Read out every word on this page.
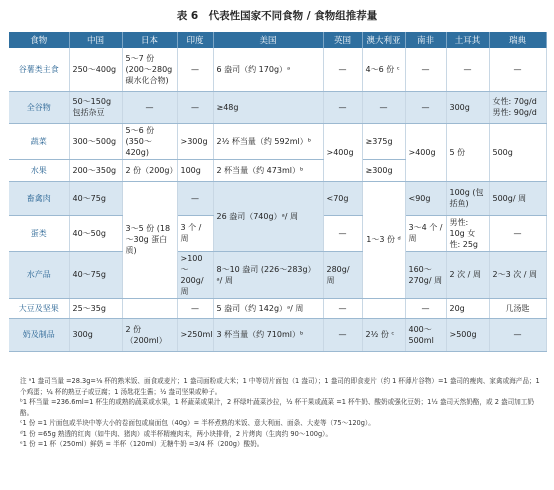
表 6　代表性国家不同食物 / 食物组推荐量
食物	中国	日本	印度	美国	英国	澳大利亚	南非	土耳其	瑞典
谷薯类主食	250～400g	5～7 份 (200～280g 碳水化合物)	—	6 盎司（约 170g）ᵃ	—	4～6 份 ᶜ	—	—	—
全谷物	50～150g 包括杂豆	—	—	≥48g	—	—	—	300g	女性: 70g/d 男性: 90g/d
蔬菜	300～500g	5～6 份 (350～420g)	>300g	2½ 杯当量（约 592ml）ᵇ	>400g	≥375g	>400g	5 份	500g
水果	200～350g	2 份（200g）	100g	2 杯当量（约 473ml）ᵇ		≥300g			
畜禽肉	40～75g	3～5 份 (18～30g 蛋白质)	—	26 盎司（740g）ᵃ/ 周	<70g	1～3 份 ᵈ	<90g	100g (包括鱼)	500g/ 周
蛋类	40～50g		3 个 / 周		—		3～4 个 / 周	男性: 10g 女性: 25g	—
水产品	40～75g		>100～200g/ 周	8～10 盎司 (226～283g）ᵃ/ 周	280g/ 周		160～270g/ 周	2 次 / 周	2～3 次 / 周
大豆及坚果	25～35g		—	5 盎司（约 142g）ᵃ/ 周	—		—	20g	几汤匙
奶及制品	300g	2 份（200ml）	>250ml	3 杯当量（约 710ml）ᵇ	—	2½ 份 ᶜ	400～500ml	>500g	—

注 ᵃ1 盎司当量 =28.3g=⅛ 杯的熟米饭、面食或麦片；1 盎司面粉或大米；1 中等切片面包（1 盎司）；1 盎司的即食麦片（约 1 杯薄片谷物）=1 盎司的瘦肉、家禽或海产品；1 个鸡蛋；¼ 杯的熟豆子或豆腐；1 汤匙花生酱；½ 盎司坚果或种子。

ᵇ1 杯当量 =236.6ml=1 杯生的或熟的蔬菜或水果，1 杯蔬菜或果汁，2 杯绿叶蔬菜沙拉，½ 杯干果或蔬菜 =1 杯牛奶、酸奶或强化豆奶；1½ 盎司天然奶酪，或 2 盎司加工奶酪。

ᶜ1 份 =1 片面包或半块中等大小的卷面包或扁面包（40g）= 半杯煮熟的米饭、意大利面、面条、大麦等（75～120g）。

ᵈ1 份 =65g 熟透的红肉（如牛肉、猪肉）或半杯精瘦肉末，两小块排骨，2 片烤肉（生肉约 90～100g）。

ᵉ1 份 =1 杯（250ml）鲜奶 = 半杯（120ml）无糖牛奶 =3/4 杯（200g）酸奶。
